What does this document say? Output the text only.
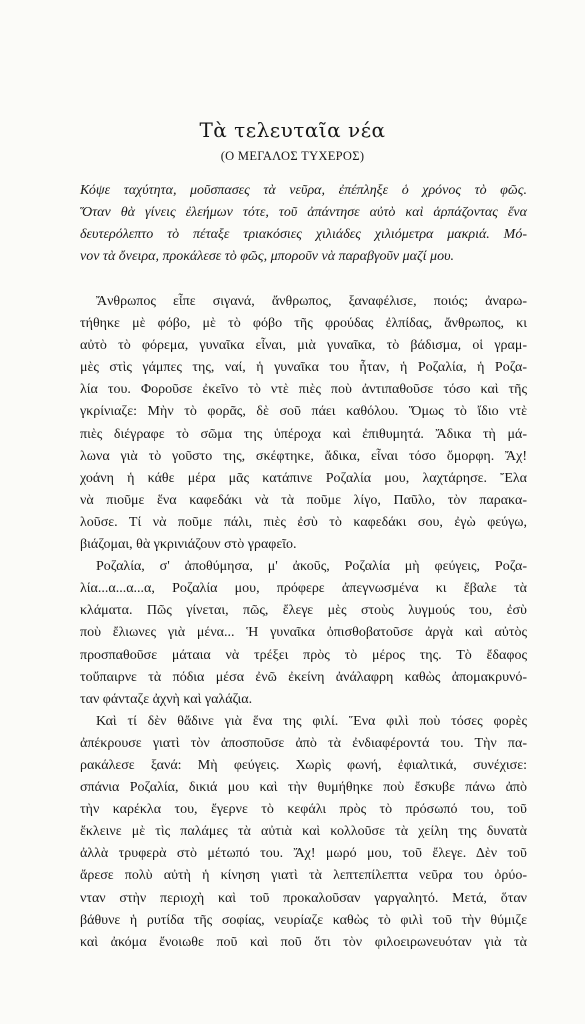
Τὰ τελευταῖα νέα
(Ο ΜΕΓΑΛΟΣ ΤΥΧΕΡΟΣ)
Κόψε ταχύτητα, μοῦσπασες τὰ νεῦρα, ἐπέπληξε ὁ χρόνος τὸ φῶς.
Ὅταν θὰ γίνεις ἐλεήμων τότε, τοῦ ἀπάντησε αὐτὸ καὶ ἁρπάζοντας ἕνα
δευτερόλεπτο τὸ πέταξε τριακόσιες χιλιάδες χιλιόμετρα μακριά. Μό-
νον τὰ ὄνειρα, προκάλεσε τὸ φῶς, μποροῦν νὰ παραβγοῦν μαζί μου.
Ἄνθρωπος εἶπε σιγανά, ἄνθρωπος, ξαναφέλισε, ποιός; ἀναρω-
τήθηκε μὲ φόβο, μὲ τὸ φόβο τῆς φρούδας ἐλπίδας, ἄνθρωπος, κι
αὐτὸ τὸ φόρεμα, γυναῖκα εἶναι, μιὰ γυναῖκα, τὸ βάδισμα, οἱ γραμ-
μὲς στὶς γάμπες της, ναί, ἡ γυναῖκα του ἦταν, ἡ Ροζαλία, ἡ Ροζα-
λία του. Φοροῦσε ἐκεῖνο τὸ ντὲ πιὲς ποὺ ἀντιπαθοῦσε τόσο καὶ τῆς
γκρίνιαζε: Μὴν τὸ φορᾶς, δὲ σοῦ πάει καθόλου. Ὅμως τὸ ἴδιο ντὲ
πιὲς διέγραφε τὸ σῶμα της ὑπέροχα καὶ ἐπιθυμητά. Ἄδικα τὴ μά-
λωνα γιὰ τὸ γοῦστο της, σκέφτηκε, ἄδικα, εἶναι τόσο ὄμορφη. Ἄχ!
χοάνη ἡ κάθε μέρα μᾶς κατάπινε Ροζαλία μου, λαχτάρησε. Ἔλα
νὰ πιοῦμε ἕνα καφεδάκι νὰ τὰ ποῦμε λίγο, Παῦλο, τὸν παρακα-
λοῦσε. Τί νὰ ποῦμε πάλι, πιὲς ἐσὺ τὸ καφεδάκι σου, ἐγὼ φεύγω,
βιάζομαι, θὰ γκρινιάζουν στὸ γραφεῖο.
Ροζαλία, σ' ἀποθύμησα, μ' ἀκοῦς, Ροζαλία μὴ φεύγεις, Ροζα-
λία...α...α...α, Ροζαλία μου, πρόφερε ἀπεγνωσμένα κι ἔβαλε τὰ
κλάματα. Πῶς γίνεται, πῶς, ἔλεγε μὲς στοὺς λυγμούς του, ἐσὺ
ποὺ ἔλιωνες γιὰ μένα... Ἡ γυναῖκα ὀπισθοβατοῦσε ἀργὰ καὶ αὐτὸς
προσπαθοῦσε μάταια νὰ τρέξει πρὸς τὸ μέρος της. Τὸ ἔδαφος
τοὔπαιρνε τὰ πόδια μέσα ἐνῶ ἐκείνη ἀνάλαφρη καθὼς ἀπομακρυνό-
ταν φάνταζε ἀχνὴ καὶ γαλάζια.
Καὶ τί δὲν θἄδινε γιὰ ἕνα της φιλί. Ἕνα φιλὶ ποὺ τόσες φορὲς
ἀπέκρουσε γιατὶ τὸν ἀποσποῦσε ἀπὸ τὰ ἐνδιαφέροντά του. Τὴν πα-
ρακάλεσε ξανά: Μὴ φεύγεις. Χωρὶς φωνή, ἐφιαλτικά, συνέχισε:
σπάνια Ροζαλία, δικιά μου καὶ τὴν θυμήθηκε ποὺ ἔσκυβε πάνω ἀπὸ
τὴν καρέκλα του, ἔγερνε τὸ κεφάλι πρὸς τὸ πρόσωπό του, τοῦ
ἔκλεινε μὲ τὶς παλάμες τὰ αὐτιὰ καὶ κολλοῦσε τὰ χείλη της δυνατὰ
ἀλλὰ τρυφερὰ στὸ μέτωπό του. Ἄχ! μωρό μου, τοῦ ἔλεγε. Δὲν τοῦ
ἄρεσε πολὺ αὐτὴ ἡ κίνηση γιατὶ τὰ λεπτεπίλεπτα νεῦρα του ὀρύο-
νταν στὴν περιοχὴ καὶ τοῦ προκαλοῦσαν γαργαλητό. Μετά, ὅταν
βάθυνε ἡ ρυτίδα τῆς σοφίας, νευρίαζε καθὼς τὸ φιλὶ τοῦ τὴν θύμιζε
καὶ ἀκόμα ἔνοιωθε ποῦ καὶ ποῦ ὅτι τὸν φιλοειρωνευόταν γιὰ τὰ
